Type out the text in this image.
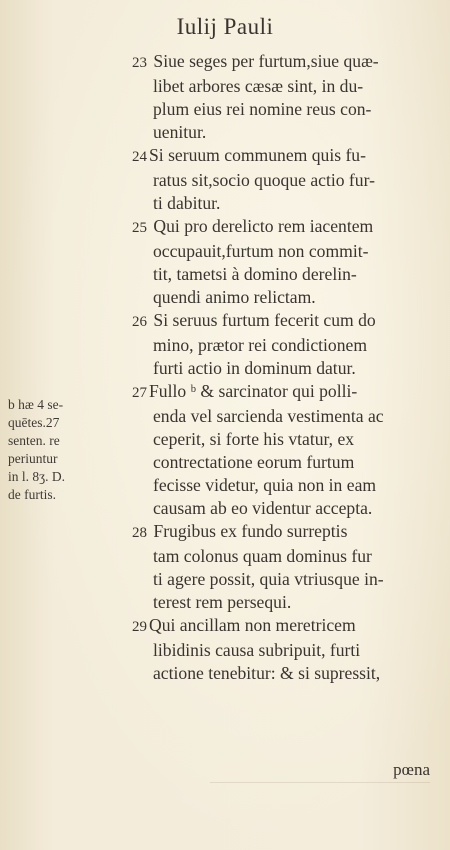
Iulij Pauli

23 Siue seges per furtum,siue quæ-
libet arbores cæsæ sint, in du-
plum eius rei nomine reus con-
uenitur.

24 Si seruum communem quis fu-
ratus sit,socio quoque actio fur-
ti dabitur.

25 Qui pro derelicto rem iacentem
occupauit,furtum non commit-
tit, tametsi à domino derelin-
quendi animo relictam.

26 Si seruus furtum fecerit cum do
mino, prætor rei condictionem
furti actio in dominum datur.

27 Fullo ᵇ & sarcinator qui polli-
enda vel sarcienda vestimenta ac
ceperit, si forte his vtatur, ex
contrectatione eorum furtum
fecisse videtur, quia non in eam
causam ab eo videntur accepta.

28 Frugibus ex fundo surreptis
tam colonus quam dominus fur
ti agere possit, quia vtriusque in-
terest rem persequi.

29 Qui ancillam non meretricem
libidinis causa subripuit, furti
actione tenebitur: & si supressit,

b hæ 4 se-
quētes.27
senten. re
periuntur
in l. 8ʒ. D.
de furtis.
pœna
